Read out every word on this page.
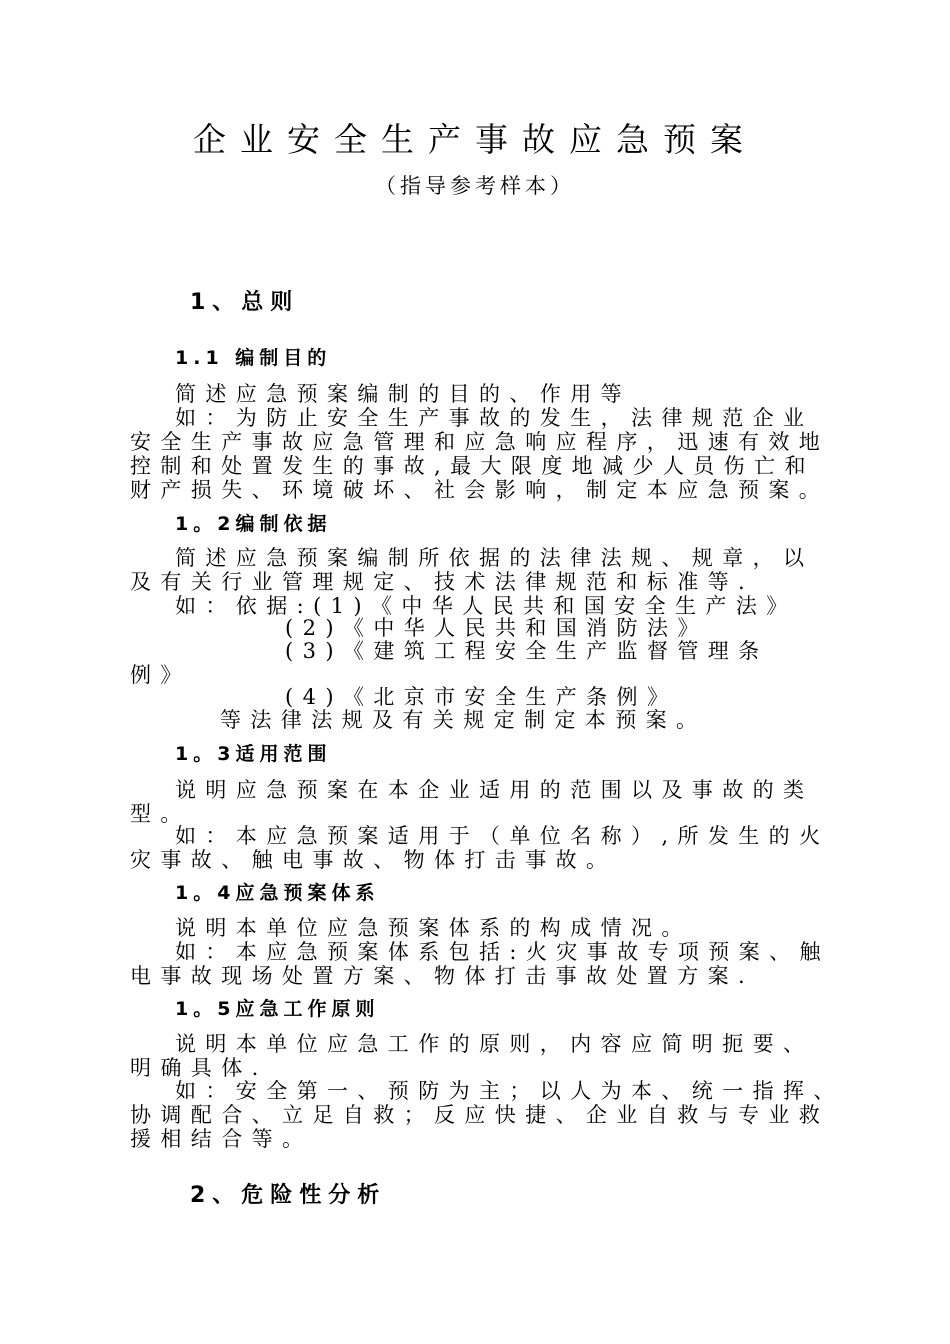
企业安全生产事故应急预案
（指导参考样本）
1、总则
1.1 编制目的
简述应急预案编制的目的、作用等
如：为防止安全生产事故的发生，法律规范企业
安全生产事故应急管理和应急响应程序，迅速有效地
控制和处置发生的事故,最大限度地减少人员伤亡和
财产损失、环境破坏、社会影响，制定本应急预案。
1。2编制依据
简述应急预案编制所依据的法律法规、规章，以
及有关行业管理规定、技术法律规范和标准等.
如：依据:(1)《中华人民共和国安全生产法》
(2)《中华人民共和国消防法》
(3)《建筑工程安全生产监督管理条
例》
(4)《北京市安全生产条例》
等法律法规及有关规定制定本预案。
1。3适用范围
说明应急预案在本企业适用的范围以及事故的类
型。
如：本应急预案适用于（单位名称）,所发生的火
灾事故、触电事故、物体打击事故。
1。4应急预案体系
说明本单位应急预案体系的构成情况。
如：本应急预案体系包括:火灾事故专项预案、触
电事故现场处置方案、物体打击事故处置方案.
1。5应急工作原则
说明本单位应急工作的原则，内容应简明扼要、
明确具体.
如：安全第一、预防为主；以人为本、统一指挥、
协调配合、立足自救；反应快捷、企业自救与专业救
援相结合等。
2、危险性分析
